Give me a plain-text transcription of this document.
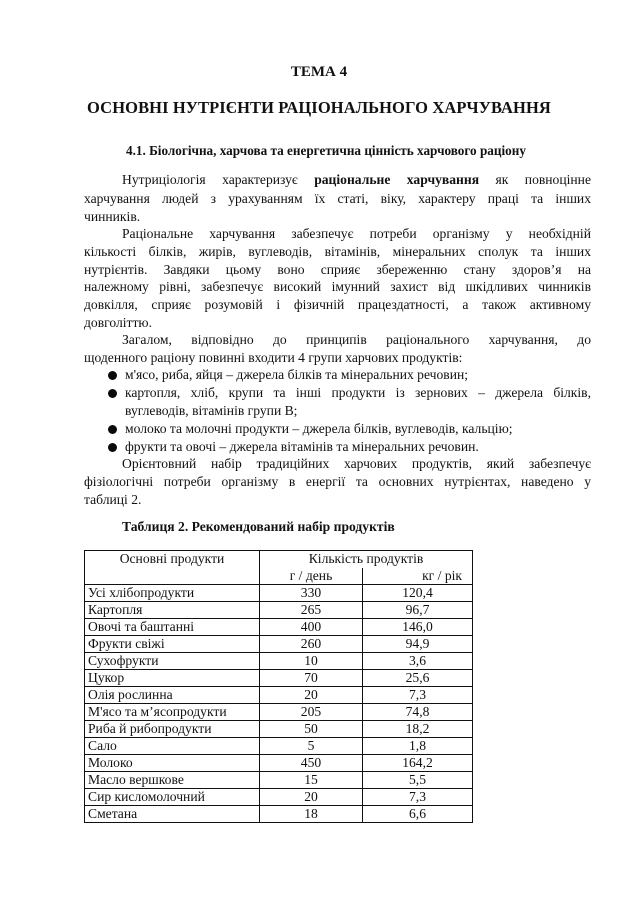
ТЕМА 4
ОСНОВНІ НУТРІЄНТИ РАЦІОНАЛЬНОГО ХАРЧУВАННЯ
4.1. Біологічна, харчова та енергетична цінність харчового раціону
Нутриціологія характеризує раціональне харчування як повноцінне
харчування людей з урахуванням їх статі, віку, характеру праці та інших
чинників.
Раціональне харчування забезпечує потреби організму у необхідній
кількості білків, жирів, вуглеводів, вітамінів, мінеральних сполук та інших
нутрієнтів. Завдяки цьому воно сприяє збереженню стану здоров’я на
належному рівні, забезпечує високий імунний захист від шкідливих чинників
довкілля, сприяє розумовій і фізичній працездатності, а також активному
довголіттю.
Загалом, відповідно до принципів раціонального харчування, до
щоденного раціону повинні входити 4 групи харчових продуктів:
м'ясо, риба, яйця – джерела білків та мінеральних речовин;
картопля, хліб, крупи та інші продукти із зернових – джерела білків,
вуглеводів, вітамінів групи В;
молоко та молочні продукти – джерела білків, вуглеводів, кальцію;
фрукти та овочі – джерела вітамінів та мінеральних речовин.
Орієнтовний набір традиційних харчових продуктів, який забезпечує
фізіологічні потреби організму в енергії та основних нутрієнтах, наведено у
таблиці 2.
Таблиця 2. Рекомендований набір продуктів
Основні продукти	Кількість продуктів	
	г / день	кг / рік
Усі хлібопродукти	330	120,4
Картопля	265	96,7
Овочі та баштанні	400	146,0
Фрукти свіжі	260	94,9
Сухофрукти	10	3,6
Цукор	70	25,6
Олія рослинна	20	7,3
М'ясо та м’ясопродукти	205	74,8
Риба й рибопродукти	50	18,2
Сало	5	1,8
Молоко	450	164,2
Масло вершкове	15	5,5
Сир кисломолочний	20	7,3
Сметана	18	6,6
